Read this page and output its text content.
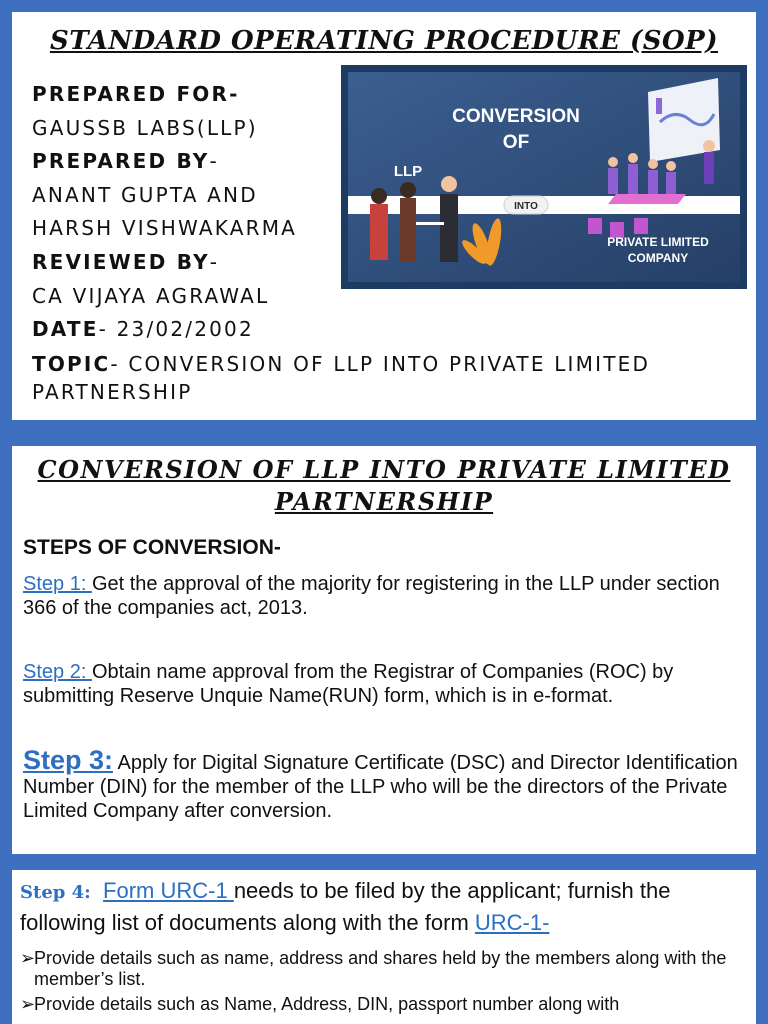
STANDARD OPERATING PROCEDURE (SOP)
PREPARED FOR-
GAUSSB LABS(LLP)
PREPARED BY-
ANANT GUPTA AND
HARSH VISHWAKARMA
REVIEWED BY-
CA VIJAYA AGRAWAL
DATE- 23/02/2002
TOPIC- CONVERSION OF LLP INTO PRIVATE LIMITED PARTNERSHIP
CONVERSION
OF
LLP
INTO
PRIVATE LIMITED
COMPANY
CONVERSION OF LLP INTO PRIVATE LIMITED PARTNERSHIP
STEPS OF CONVERSION-

Step 1: Get the approval of the majority for registering in the LLP under section 366 of the companies act, 2013.

Step 2: Obtain name approval from the Registrar of Companies (ROC) by submitting Reserve Unquie Name(RUN) form, which is in e-format.

Step 3: Apply for Digital Signature Certificate (DSC) and Director Identification Number (DIN) for the member of the LLP who will be the directors of the Private Limited Company after conversion.

Step 4: Form URC-1 needs to be filed by the applicant; furnish the following list of documents along with the form URC-1-

➢Provide details such as name, address and shares held by the members along with the member’s list.
➢Provide details such as Name, Address, DIN, passport number along with
